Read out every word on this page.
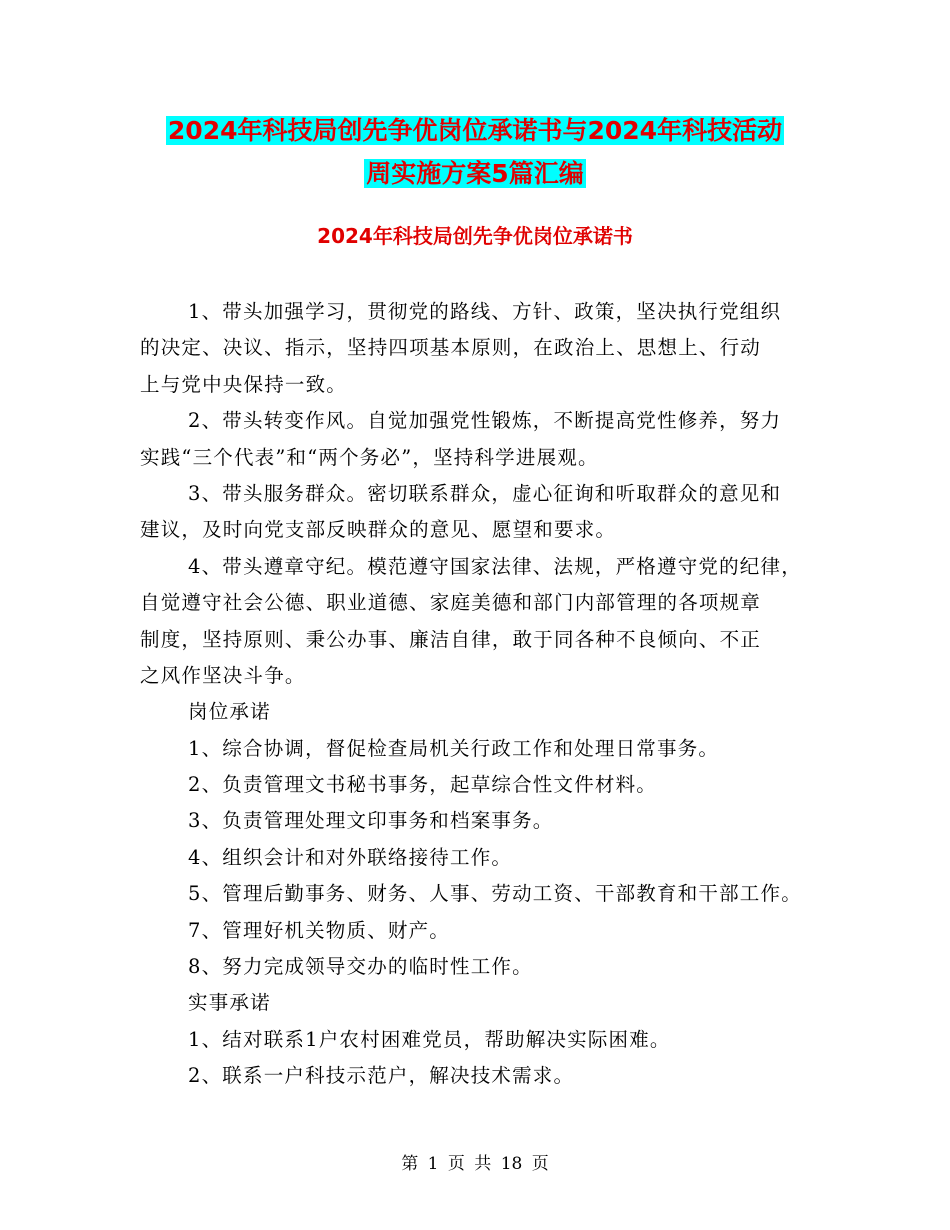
2024年科技局创先争优岗位承诺书与2024年科技活动
周实施方案5篇汇编
2024年科技局创先争优岗位承诺书
1、带头加强学习，贯彻党的路线、方针、政策，坚决执行党组织
的决定、决议、指示，坚持四项基本原则，在政治上、思想上、行动
上与党中央保持一致。
2、带头转变作风。自觉加强党性锻炼，不断提高党性修养，努力
实践“三个代表”和“两个务必”，坚持科学进展观。
3、带头服务群众。密切联系群众，虚心征询和听取群众的意见和
建议，及时向党支部反映群众的意见、愿望和要求。
4、带头遵章守纪。模范遵守国家法律、法规，严格遵守党的纪律，
自觉遵守社会公德、职业道德、家庭美德和部门内部管理的各项规章
制度，坚持原则、秉公办事、廉洁自律，敢于同各种不良倾向、不正
之风作坚决斗争。
岗位承诺
1、综合协调，督促检查局机关行政工作和处理日常事务。
2、负责管理文书秘书事务，起草综合性文件材料。
3、负责管理处理文印事务和档案事务。
4、组织会计和对外联络接待工作。
5、管理后勤事务、财务、人事、劳动工资、干部教育和干部工作。
7、管理好机关物质、财产。
8、努力完成领导交办的临时性工作。
实事承诺
1、结对联系1户农村困难党员，帮助解决实际困难。
2、联系一户科技示范户，解决技术需求。
第 1 页 共 18 页
